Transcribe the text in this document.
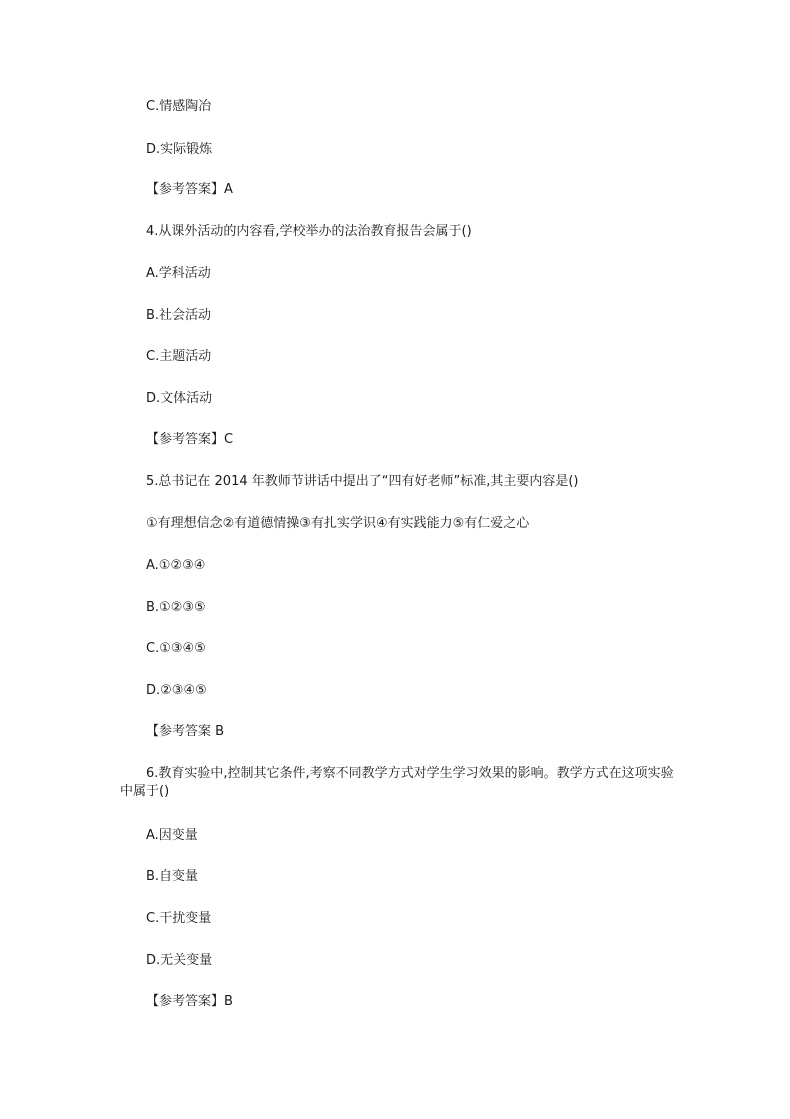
C.情感陶冶
D.实际锻炼
【参考答案】A
4.从课外活动的内容看,学校举办的法治教育报告会属于()
A.学科活动
B.社会活动
C.主题活动
D.文体活动
【参考答案】C
5.总书记在 2014 年教师节讲话中提出了“四有好老师”标准,其主要内容是()
①有理想信念②有道德情操③有扎实学识④有实践能力⑤有仁爱之心
A.①②③④
B.①②③⑤
C.①③④⑤
D.②③④⑤
【参考答案 B
6.教育实验中,控制其它条件,考察不同教学方式对学生学习效果的影响。教学方式在这项实验中属于()
A.因变量
B.自变量
C.干扰变量
D.无关变量
【参考答案】B
